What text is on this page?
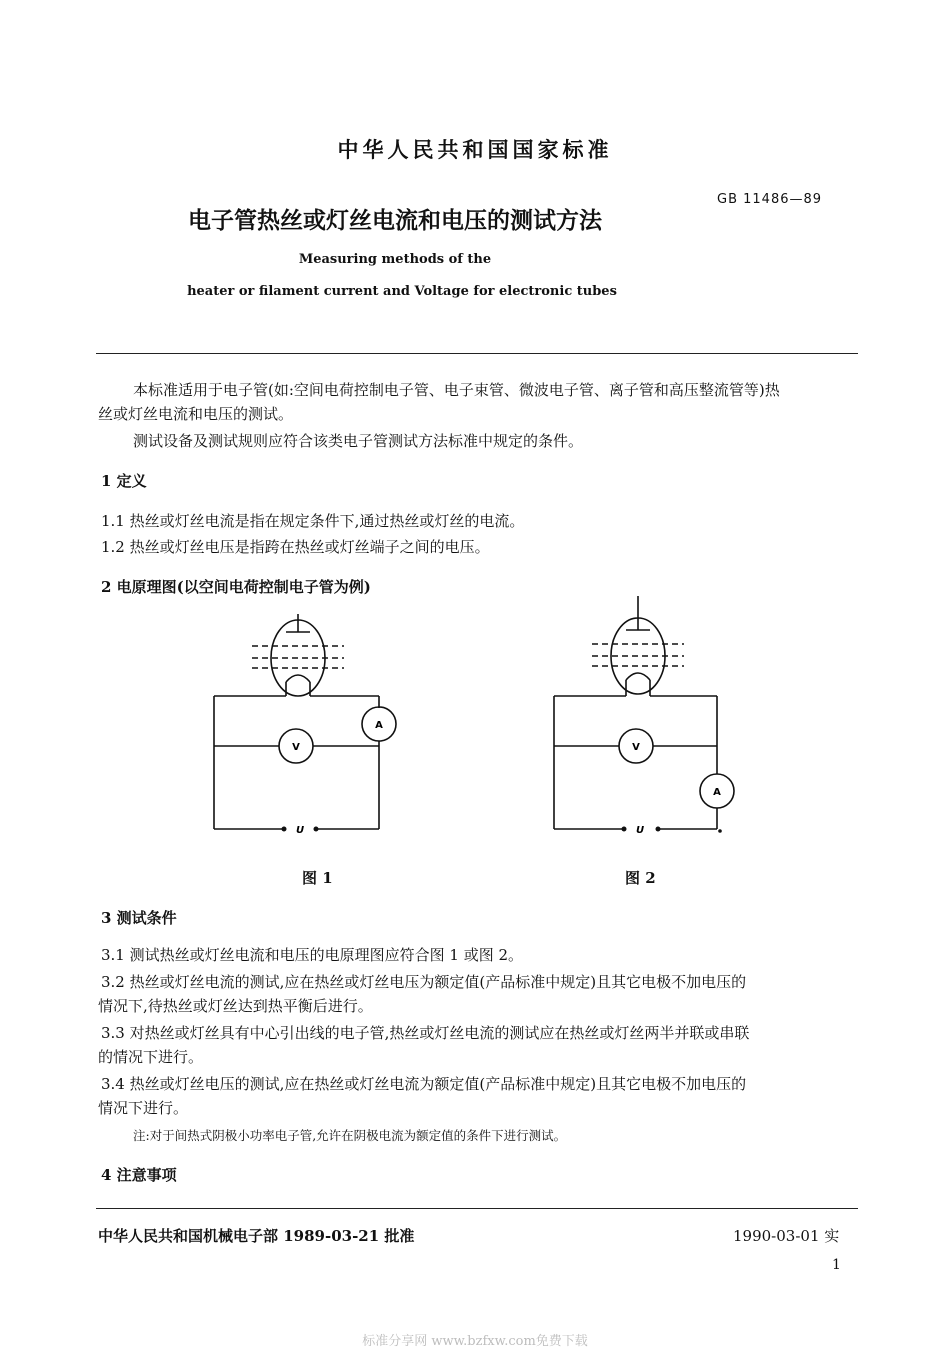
中华人民共和国国家标准
GB 11486—89
电子管热丝或灯丝电流和电压的测试方法
Measuring methods of the
heater or filament current and Voltage for electronic tubes
本标准适用于电子管(如:空间电荷控制电子管、电子束管、微波电子管、离子管和高压整流管等)热
丝或灯丝电流和电压的测试。
测试设备及测试规则应符合该类电子管测试方法标准中规定的条件。
1 定义
1.1 热丝或灯丝电流是指在规定条件下,通过热丝或灯丝的电流。
1.2 热丝或灯丝电压是指跨在热丝或灯丝端子之间的电压。
2 电原理图(以空间电荷控制电子管为例)
A
V
U
V
A
U
图 1	图 2
3 测试条件
3.1 测试热丝或灯丝电流和电压的电原理图应符合图 1 或图 2。
3.2 热丝或灯丝电流的测试,应在热丝或灯丝电压为额定值(产品标准中规定)且其它电极不加电压的
情况下,待热丝或灯丝达到热平衡后进行。
3.3 对热丝或灯丝具有中心引出线的电子管,热丝或灯丝电流的测试应在热丝或灯丝两半并联或串联
的情况下进行。
3.4 热丝或灯丝电压的测试,应在热丝或灯丝电流为额定值(产品标准中规定)且其它电极不加电压的
情况下进行。
注:对于间热式阴极小功率电子管,允许在阴极电流为额定值的条件下进行测试。
4 注意事项
中华人民共和国机械电子部 1989-03-21 批准	1990-03-01 实
1
标准分享网 www.bzfxw.com免费下载
